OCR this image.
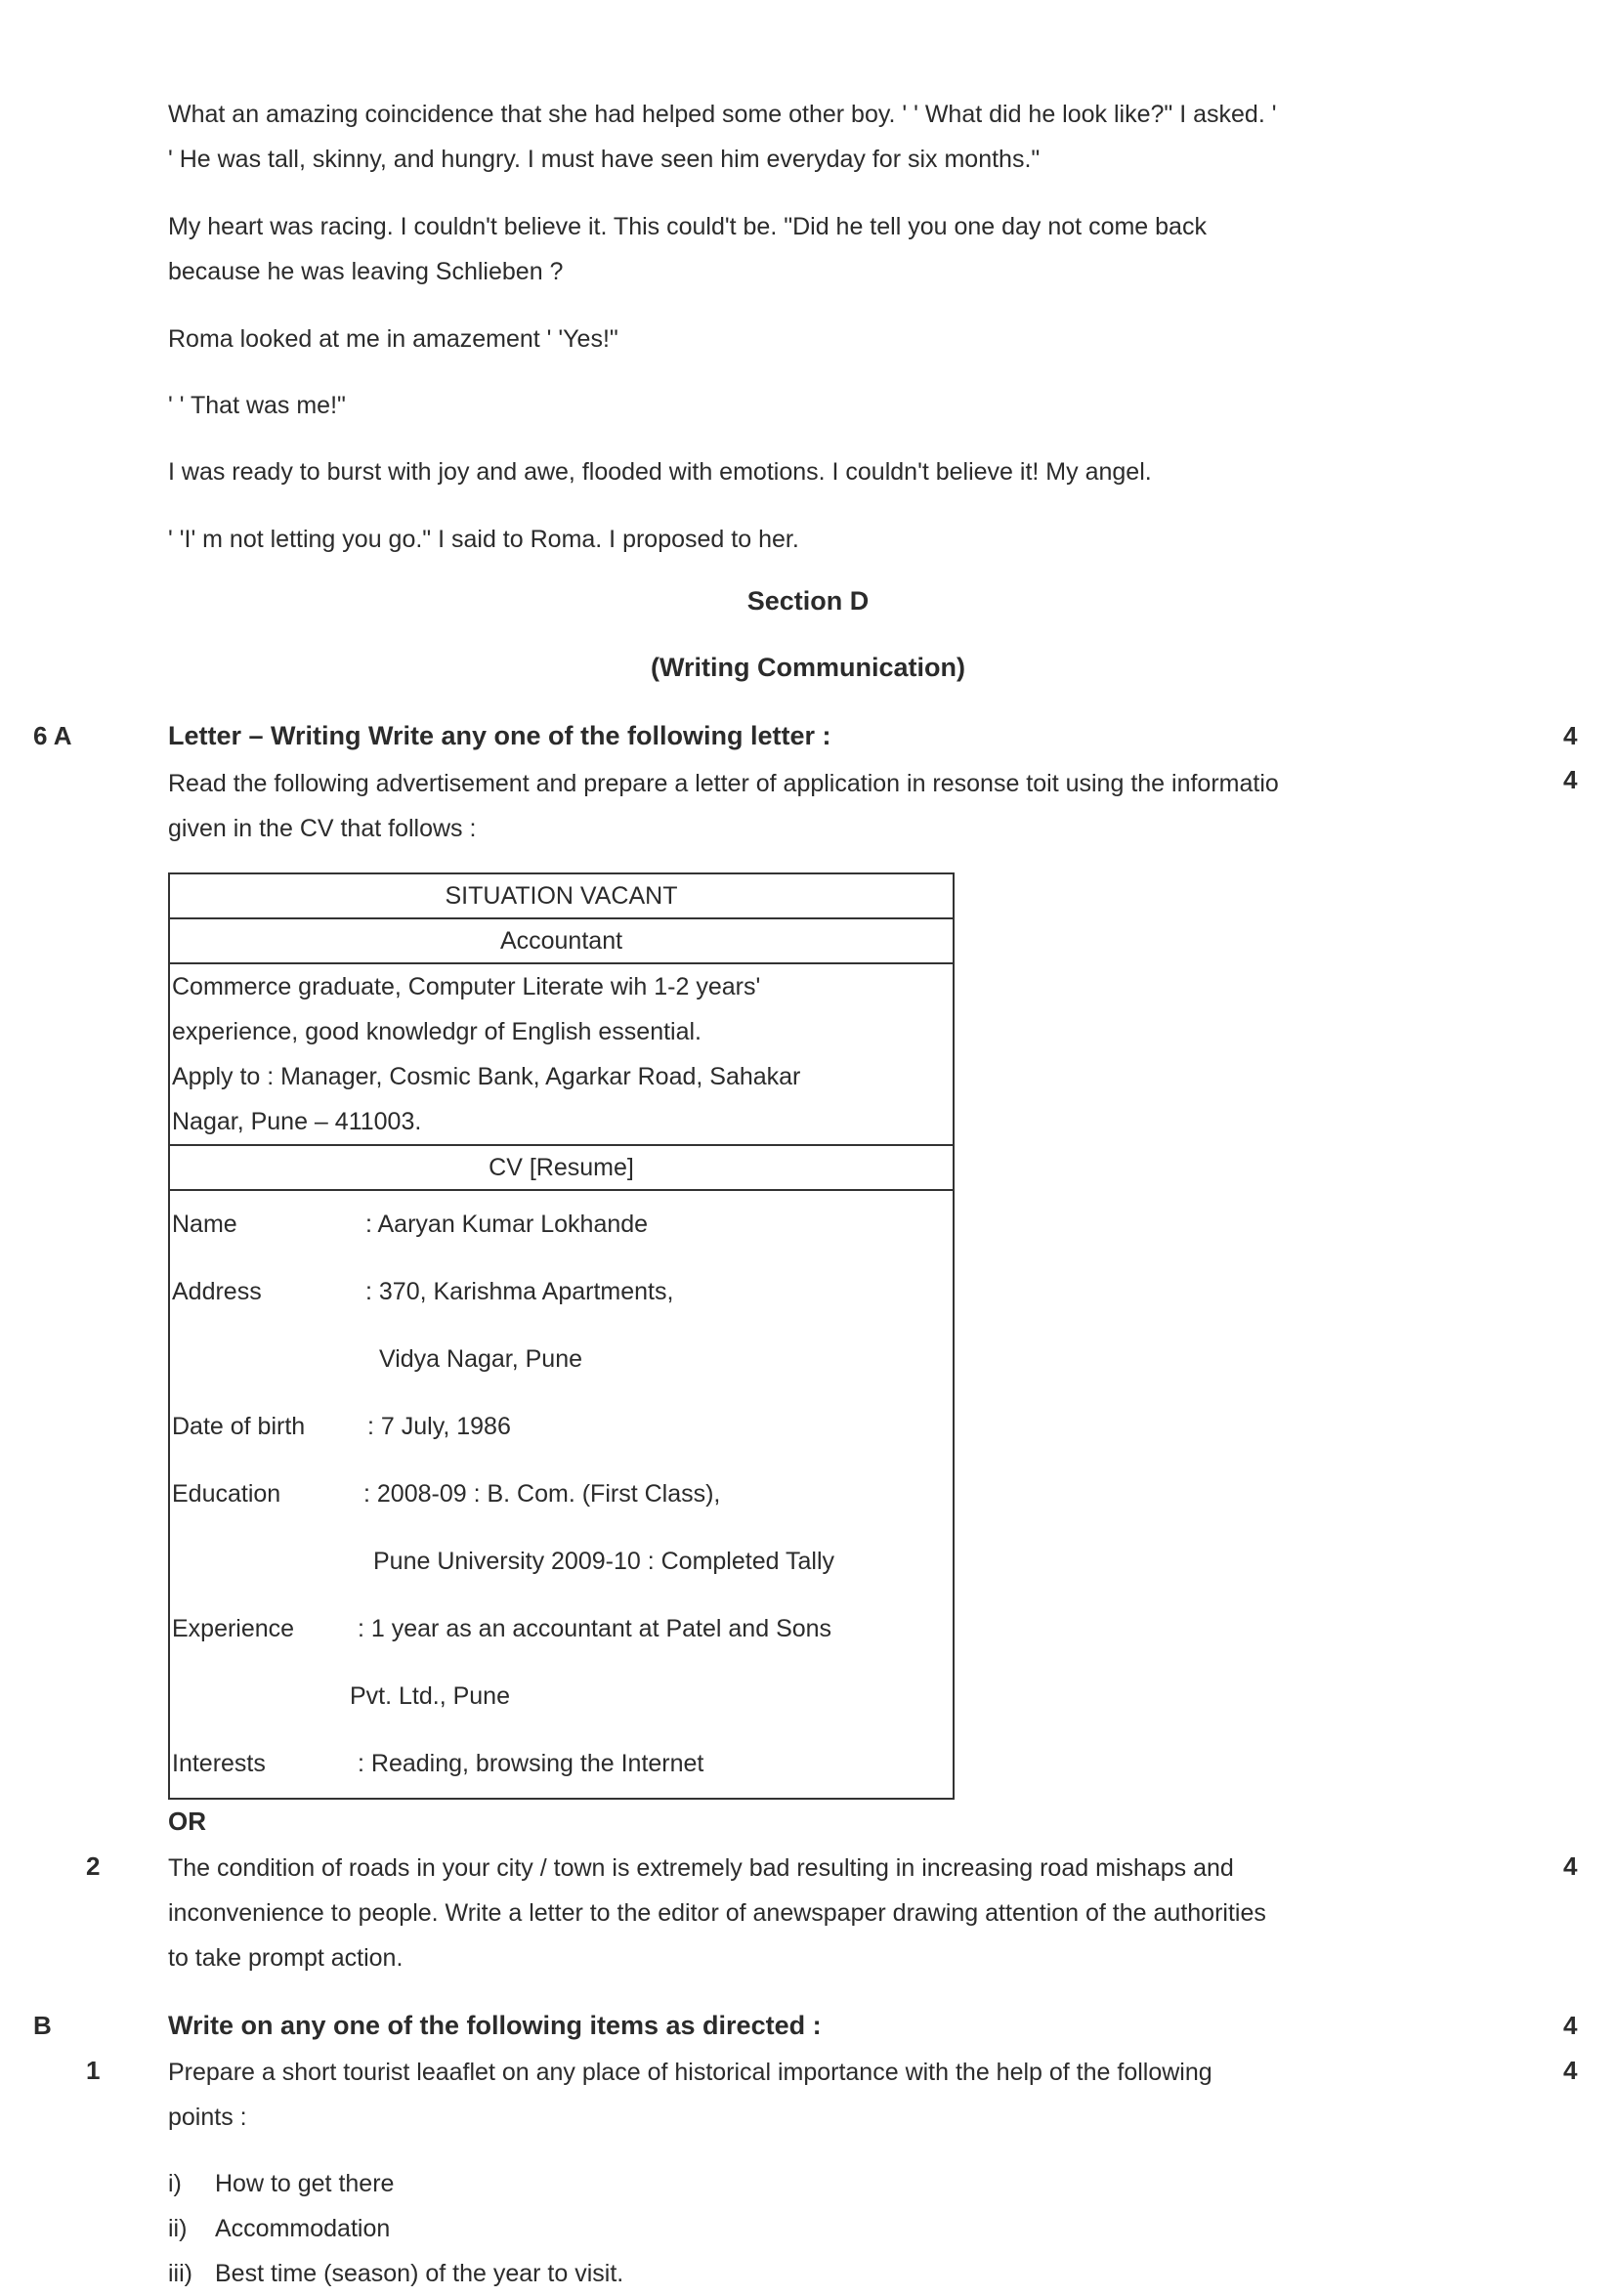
What an amazing coincidence that she had helped some other boy. ' ' What did he look like?" I asked. '
' He was tall, skinny, and hungry. I must have seen him everyday for six months."
My heart was racing. I couldn't believe it. This could't be. "Did he tell you one day not come back
because he was leaving Schlieben ?
Roma looked at me in amazement ' 'Yes!"
' ' That was me!"
I was ready to burst with joy and awe, flooded with emotions. I couldn't believe it! My angel.
' 'I' m not letting you go." I said to Roma. I proposed to her.
Section D
(Writing Communication)
6 A	Letter – Writing Write any one of the following letter :	4
Read the following advertisement and prepare a letter of application in resonse toit using the informatio
given in the CV that follows :
4
SITUATION VACANT
Accountant

Commerce graduate, Computer Literate wih 1-2 years'
experience, good knowledgr of English essential.
Apply to : Manager, Cosmic Bank, Agarkar Road, Sahakar
Nagar, Pune – 411003.

CV [Resume]

Name	: Aaryan Kumar Lokhande
Address	: 370, Karishma Apartments,
Vidya Nagar, Pune
Date of birth	: 7 July, 1986
Education	: 2008-09 : B. Com. (First Class),
Pune University 2009-10 : Completed Tally
Experience	: 1 year as an accountant at Patel and Sons
Pvt. Ltd., Pune
Interests	: Reading, browsing the Internet
OR
2	The condition of roads in your city / town is extremely bad resulting in increasing road mishaps and
inconvenience to people. Write a letter to the editor of anewspaper drawing attention of the authorities
to take prompt action.
4
B	Write on any one of the following items as directed :	4
1	Prepare a short tourist leaaflet on any place of historical importance with the help of the following
points :
4
i) How to get there
ii) Accommodation
iii) Best time (season) of the year to visit.
